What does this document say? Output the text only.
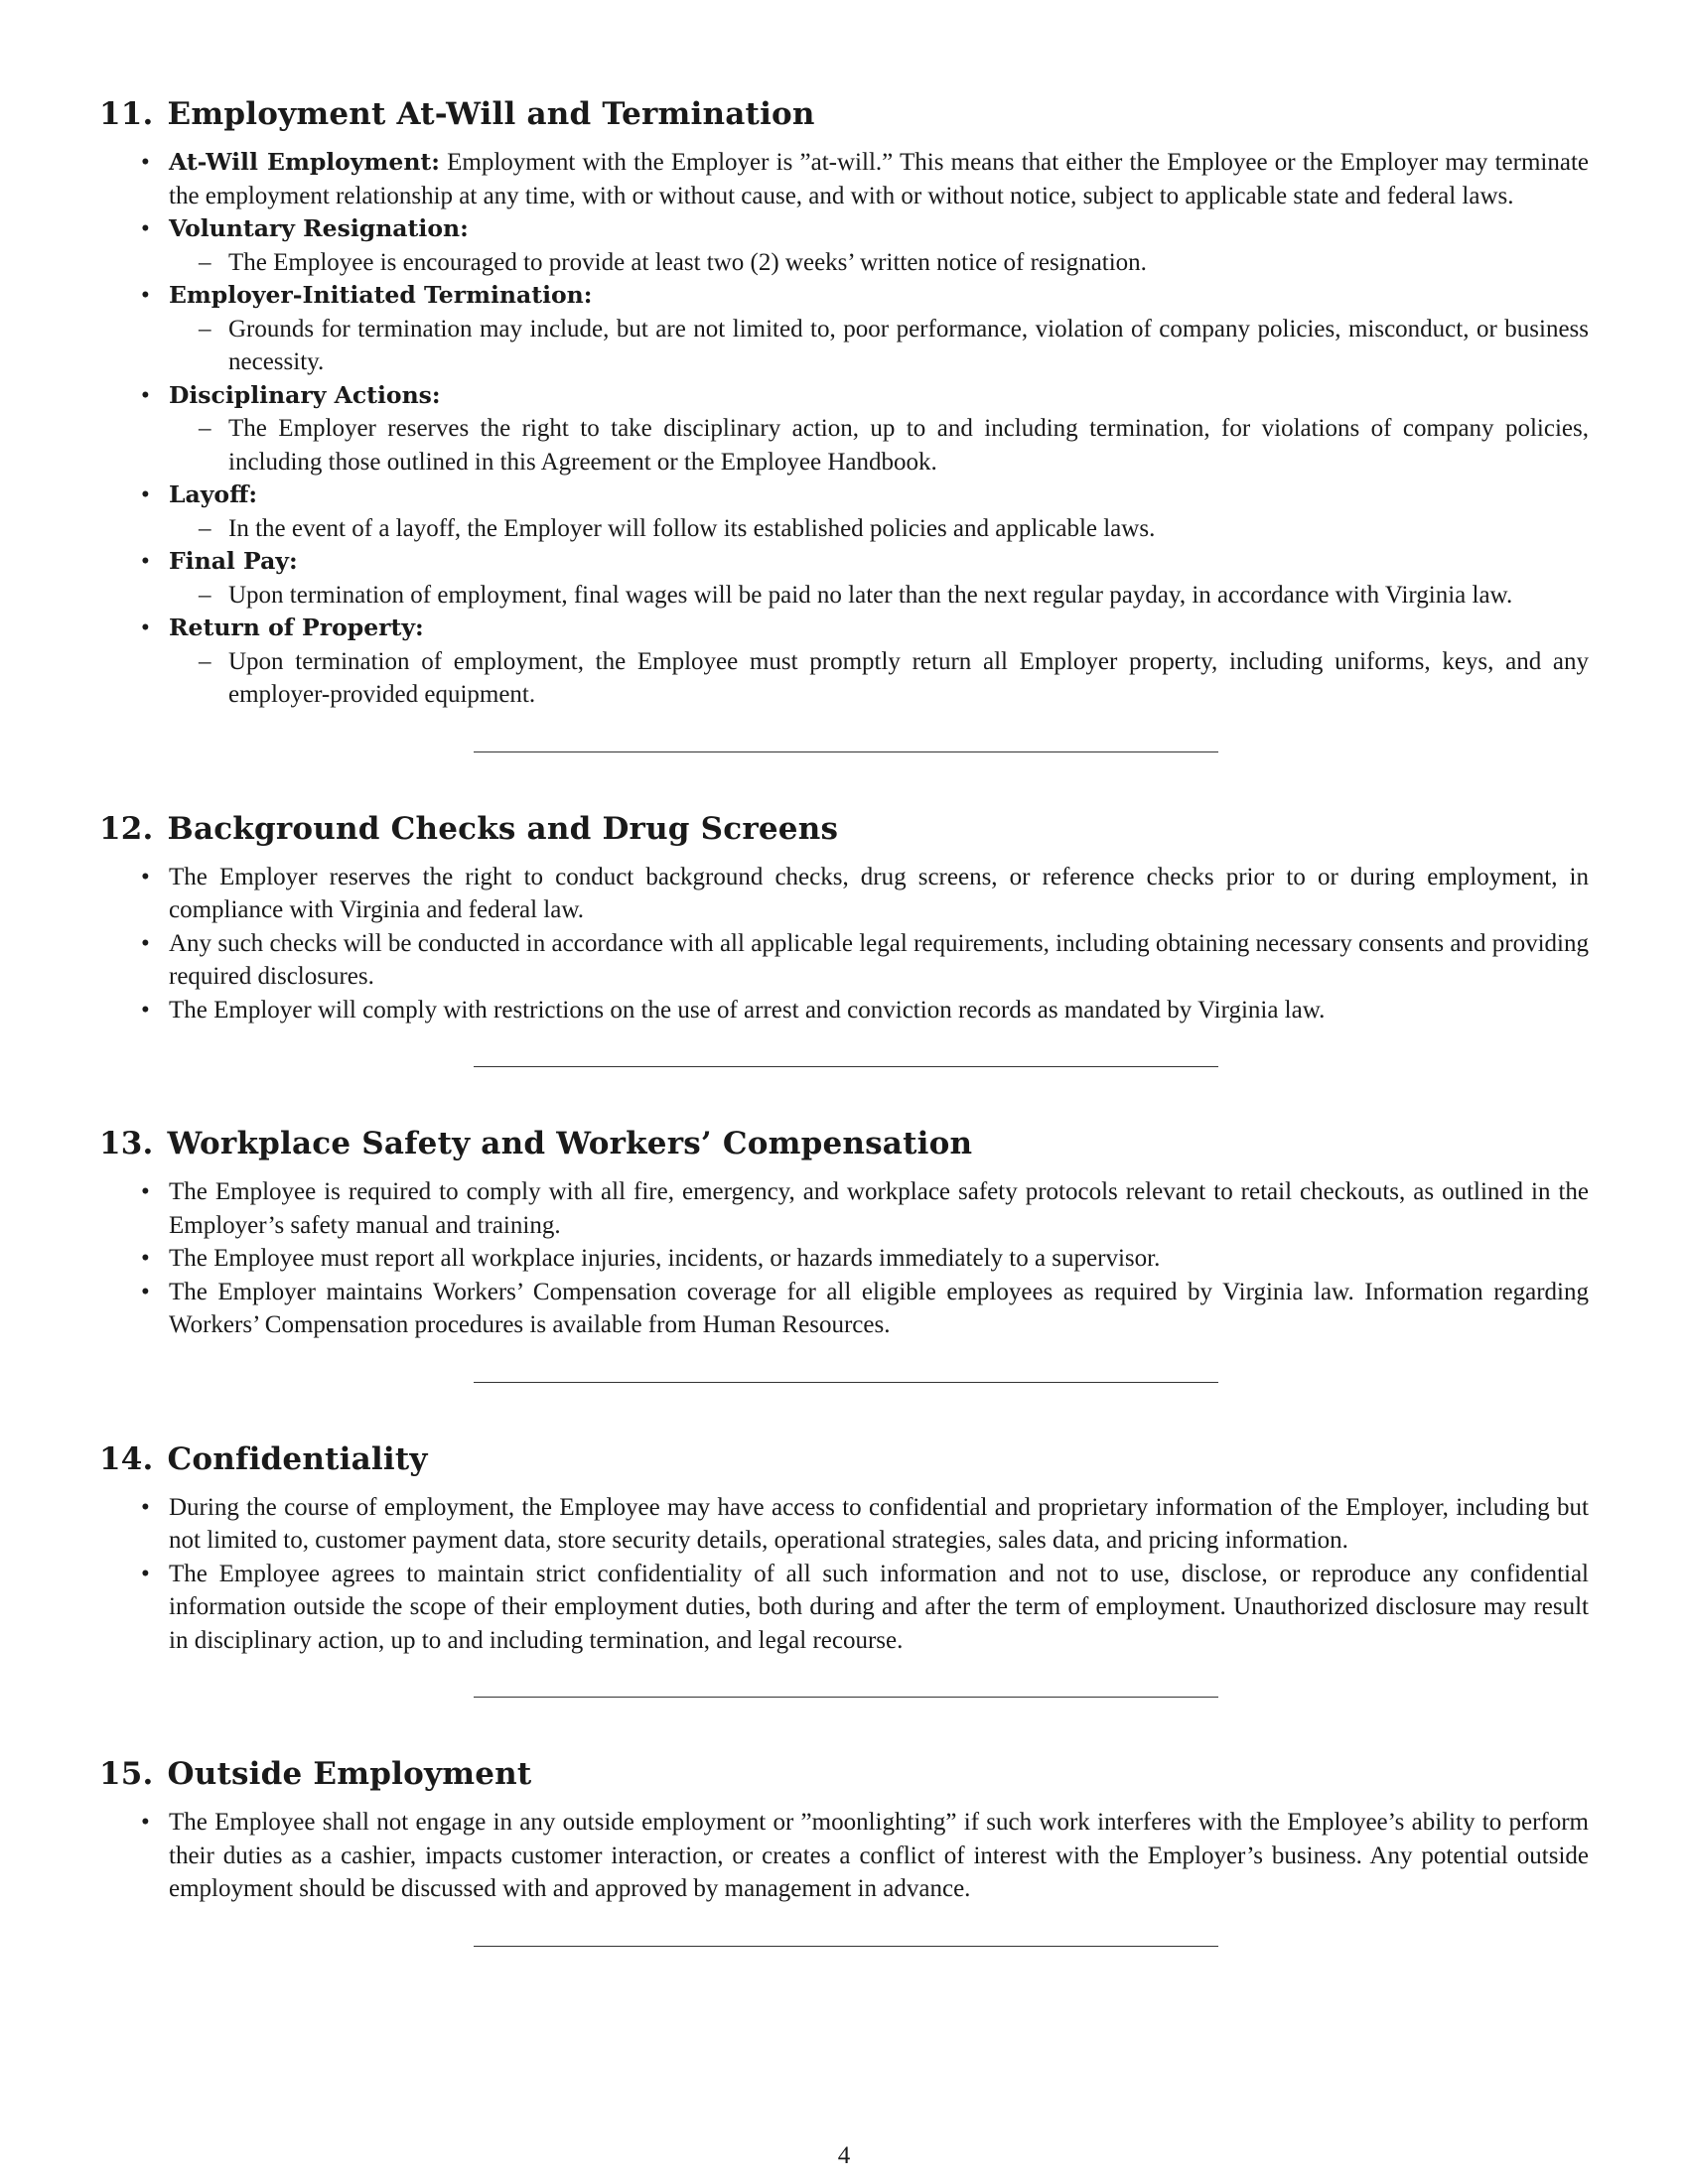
11. Employment At-Will and Termination
• At-Will Employment: Employment with the Employer is ”at-will.” This means that either the Employee or the Employer may terminate the employment relationship at any time, with or without cause, and with or without notice, subject to applicable state and federal laws.
• Voluntary Resignation:
– The Employee is encouraged to provide at least two (2) weeks’ written notice of resignation.
• Employer-Initiated Termination:
– Grounds for termination may include, but are not limited to, poor performance, violation of company policies, misconduct, or business necessity.
• Disciplinary Actions:
– The Employer reserves the right to take disciplinary action, up to and including termination, for violations of company policies, including those outlined in this Agreement or the Employee Handbook.
• Layoff:
– In the event of a layoff, the Employer will follow its established policies and applicable laws.
• Final Pay:
– Upon termination of employment, final wages will be paid no later than the next regular payday, in accordance with Virginia law.
• Return of Property:
– Upon termination of employment, the Employee must promptly return all Employer property, including uniforms, keys, and any employer-provided equipment.
12. Background Checks and Drug Screens
• The Employer reserves the right to conduct background checks, drug screens, or reference checks prior to or during employment, in compliance with Virginia and federal law.
• Any such checks will be conducted in accordance with all applicable legal requirements, including obtaining necessary consents and providing required disclosures.
• The Employer will comply with restrictions on the use of arrest and conviction records as mandated by Virginia law.
13. Workplace Safety and Workers’ Compensation
• The Employee is required to comply with all fire, emergency, and workplace safety protocols relevant to retail checkouts, as outlined in the Employer’s safety manual and training.
• The Employee must report all workplace injuries, incidents, or hazards immediately to a supervisor.
• The Employer maintains Workers’ Compensation coverage for all eligible employees as required by Virginia law. Information regarding Workers’ Compensation procedures is available from Human Resources.
14. Confidentiality
• During the course of employment, the Employee may have access to confidential and proprietary information of the Employer, including but not limited to, customer payment data, store security details, operational strategies, sales data, and pricing information.
• The Employee agrees to maintain strict confidentiality of all such information and not to use, disclose, or reproduce any confidential information outside the scope of their employment duties, both during and after the term of employment. Unauthorized disclosure may result in disciplinary action, up to and including termination, and legal recourse.
15. Outside Employment
• The Employee shall not engage in any outside employment or ”moonlighting” if such work interferes with the Employee’s ability to perform their duties as a cashier, impacts customer interaction, or creates a conflict of interest with the Employer’s business. Any potential outside employment should be discussed with and approved by management in advance.
4
